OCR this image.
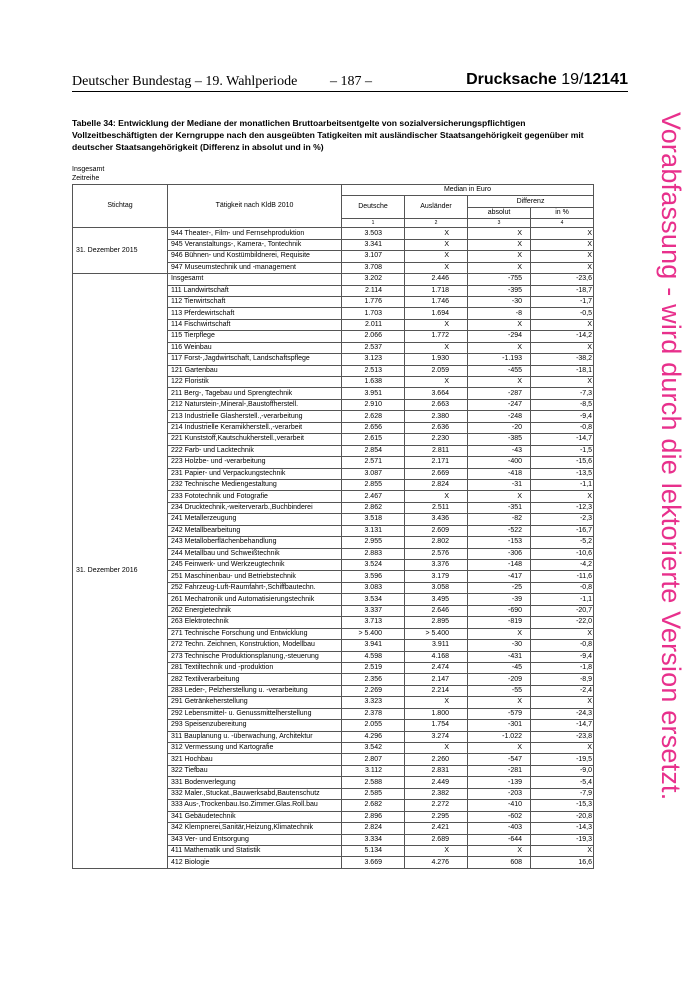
Deutscher Bundestag – 19. Wahlperiode – 187 –	Drucksache 19/12141
Tabelle 34: Entwicklung der Mediane der monatlichen Bruttoarbeitsentgelte von sozialversicherungspflichtigen Vollzeitbeschäftigten der Kerngruppe nach den ausgeübten Tatigkeiten mit ausländischer Staatsangehörigkeit gegenüber mit deutscher Staatsangehörigkeit (Differenz in absolut und in %)
Insgesamt
Zeitreihe	Vorabfassung - wird durch die lektorierte Version ersetzt.
Stichtag	Tätigkeit nach KldB 2010	Median in Euro			
		Deutsche	Ausländer	Differenz	
				absolut	in %
		1	2	3	4
31. Dezember 2015	944 Theater-, Film- und Fernsehproduktion	3.503	X	X	X
	945 Veranstaltungs-, Kamera-, Tontechnik	3.341	X	X	X
	946 Bühnen- und Kostümbildnerei, Requisite	3.107	X	X	X
	947 Museumstechnik und -management	3.708	X	X	X
31. Dezember 2016	Insgesamt	3.202	2.446	-755	-23,6
	111 Landwirtschaft	2.114	1.718	-395	-18,7
	112 Tierwirtschaft	1.776	1.746	-30	-1,7
	113 Pferdewirtschaft	1.703	1.694	-8	-0,5
	114 Fischwirtschaft	2.011	X	X	X
	115 Tierpflege	2.066	1.772	-294	-14,2
	116 Weinbau	2.537	X	X	X
	117 Forst-,Jagdwirtschaft, Landschaftspflege	3.123	1.930	-1.193	-38,2
	121 Gartenbau	2.513	2.059	-455	-18,1
	122 Floristik	1.638	X	X	X
	211 Berg-, Tagebau und Sprengtechnik	3.951	3.664	-287	-7,3
	212 Naturstein-,Mineral-,Baustoffherstell.	2.910	2.663	-247	-8,5
	213 Industrielle Glasherstell.,-verarbeitung	2.628	2.380	-248	-9,4
	214 Industrielle Keramikherstell.,-verarbeit	2.656	2.636	-20	-0,8
	221 Kunststoff,Kautschukherstell.,verarbeit	2.615	2.230	-385	-14,7
	222 Farb- und Lacktechnik	2.854	2.811	-43	-1,5
	223 Holzbe- und -verarbeitung	2.571	2.171	-400	-15,6
	231 Papier- und Verpackungstechnik	3.087	2.669	-418	-13,5
	232 Technische Mediengestaltung	2.855	2.824	-31	-1,1
	233 Fototechnik und Fotografie	2.467	X	X	X
	234 Drucktechnik,-weiterverarb.,Buchbinderei	2.862	2.511	-351	-12,3
	241 Metallerzeugung	3.518	3.436	-82	-2,3
	242 Metallbearbeitung	3.131	2.609	-522	-16,7
	243 Metalloberflächenbehandlung	2.955	2.802	-153	-5,2
	244 Metallbau und Schweißtechnik	2.883	2.576	-306	-10,6
	245 Feinwerk- und Werkzeugtechnik	3.524	3.376	-148	-4,2
	251 Maschinenbau- und Betriebstechnik	3.596	3.179	-417	-11,6
	252 Fahrzeug-Luft-Raumfahrt-,Schiffbautechn.	3.083	3.058	-25	-0,8
	261 Mechatronik und Automatisierungstechnik	3.534	3.495	-39	-1,1
	262 Energietechnik	3.337	2.646	-690	-20,7
	263 Elektrotechnik	3.713	2.895	-819	-22,0
	271 Technische Forschung und Entwicklung	> 5.400	> 5.400	X	X
	272 Techn. Zeichnen, Konstruktion, Modellbau	3.941	3.911	-30	-0,8
	273 Technische Produktionsplanung,-steuerung	4.598	4.168	-431	-9,4
	281 Textiltechnik und -produktion	2.519	2.474	-45	-1,8
	282 Textilverarbeitung	2.356	2.147	-209	-8,9
	283 Leder-, Pelzherstellung u. -verarbeitung	2.269	2.214	-55	-2,4
	291 Getränkeherstellung	3.323	X	X	X
	292 Lebensmittel- u. Genussmittelherstellung	2.378	1.800	-579	-24,3
	293 Speisenzubereitung	2.055	1.754	-301	-14,7
	311 Bauplanung u. -überwachung, Architektur	4.296	3.274	-1.022	-23,8
	312 Vermessung und Kartografie	3.542	X	X	X
	321 Hochbau	2.807	2.260	-547	-19,5
	322 Tiefbau	3.112	2.831	-281	-9,0
	331 Bodenverlegung	2.588	2.449	-139	-5,4
	332 Maler.,Stuckat.,Bauwerksabd,Bautenschutz	2.585	2.382	-203	-7,9
	333 Aus-,Trockenbau.Iso.Zimmer.Glas.Roll.bau	2.682	2.272	-410	-15,3
	341 Gebäudetechnik	2.896	2.295	-602	-20,8
	342 Klempnerei,Sanitär,Heizung,Klimatechnik	2.824	2.421	-403	-14,3
	343 Ver- und Entsorgung	3.334	2.689	-644	-19,3
	411 Mathematik und Statistik	5.134	X	X	X
	412 Biologie	3.669	4.276	608	16,6
